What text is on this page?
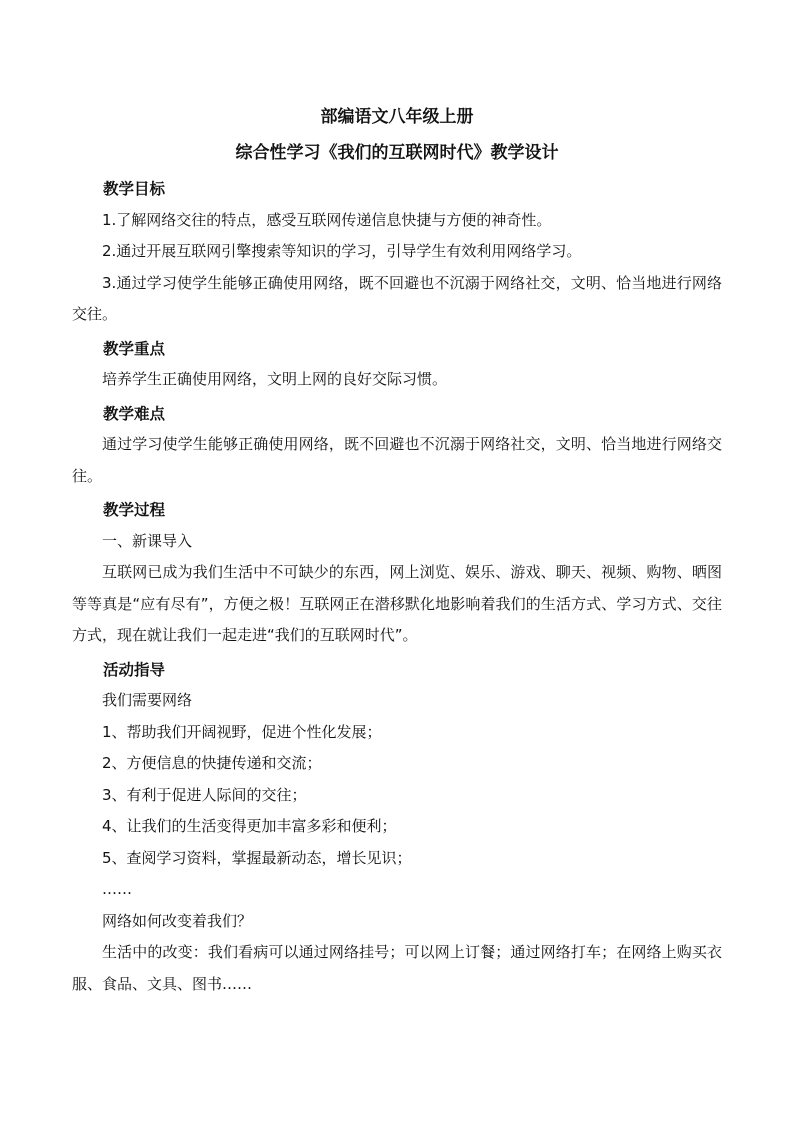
部编语文八年级上册

综合性学习《我们的互联网时代》教学设计

教学目标

1.了解网络交往的特点，感受互联网传递信息快捷与方便的神奇性。

2.通过开展互联网引擎搜索等知识的学习，引导学生有效利用网络学习。

3.通过学习使学生能够正确使用网络，既不回避也不沉溺于网络社交，文明、恰当地进行网络交往。

教学重点

培养学生正确使用网络，文明上网的良好交际习惯。

教学难点

通过学习使学生能够正确使用网络，既不回避也不沉溺于网络社交，文明、恰当地进行网络交往。

教学过程

一、新课导入

互联网已成为我们生活中不可缺少的东西，网上浏览、娱乐、游戏、聊天、视频、购物、晒图等等真是“应有尽有”，方便之极！互联网正在潜移默化地影响着我们的生活方式、学习方式、交往方式，现在就让我们一起走进“我们的互联网时代”。

活动指导

我们需要网络

1、帮助我们开阔视野，促进个性化发展；

2、方便信息的快捷传递和交流；

3、有利于促进人际间的交往；

4、让我们的生活变得更加丰富多彩和便利；

5、查阅学习资料，掌握最新动态，增长见识；

……

网络如何改变着我们？

生活中的改变：我们看病可以通过网络挂号；可以网上订餐；通过网络打车；在网络上购买衣服、食品、文具、图书……
